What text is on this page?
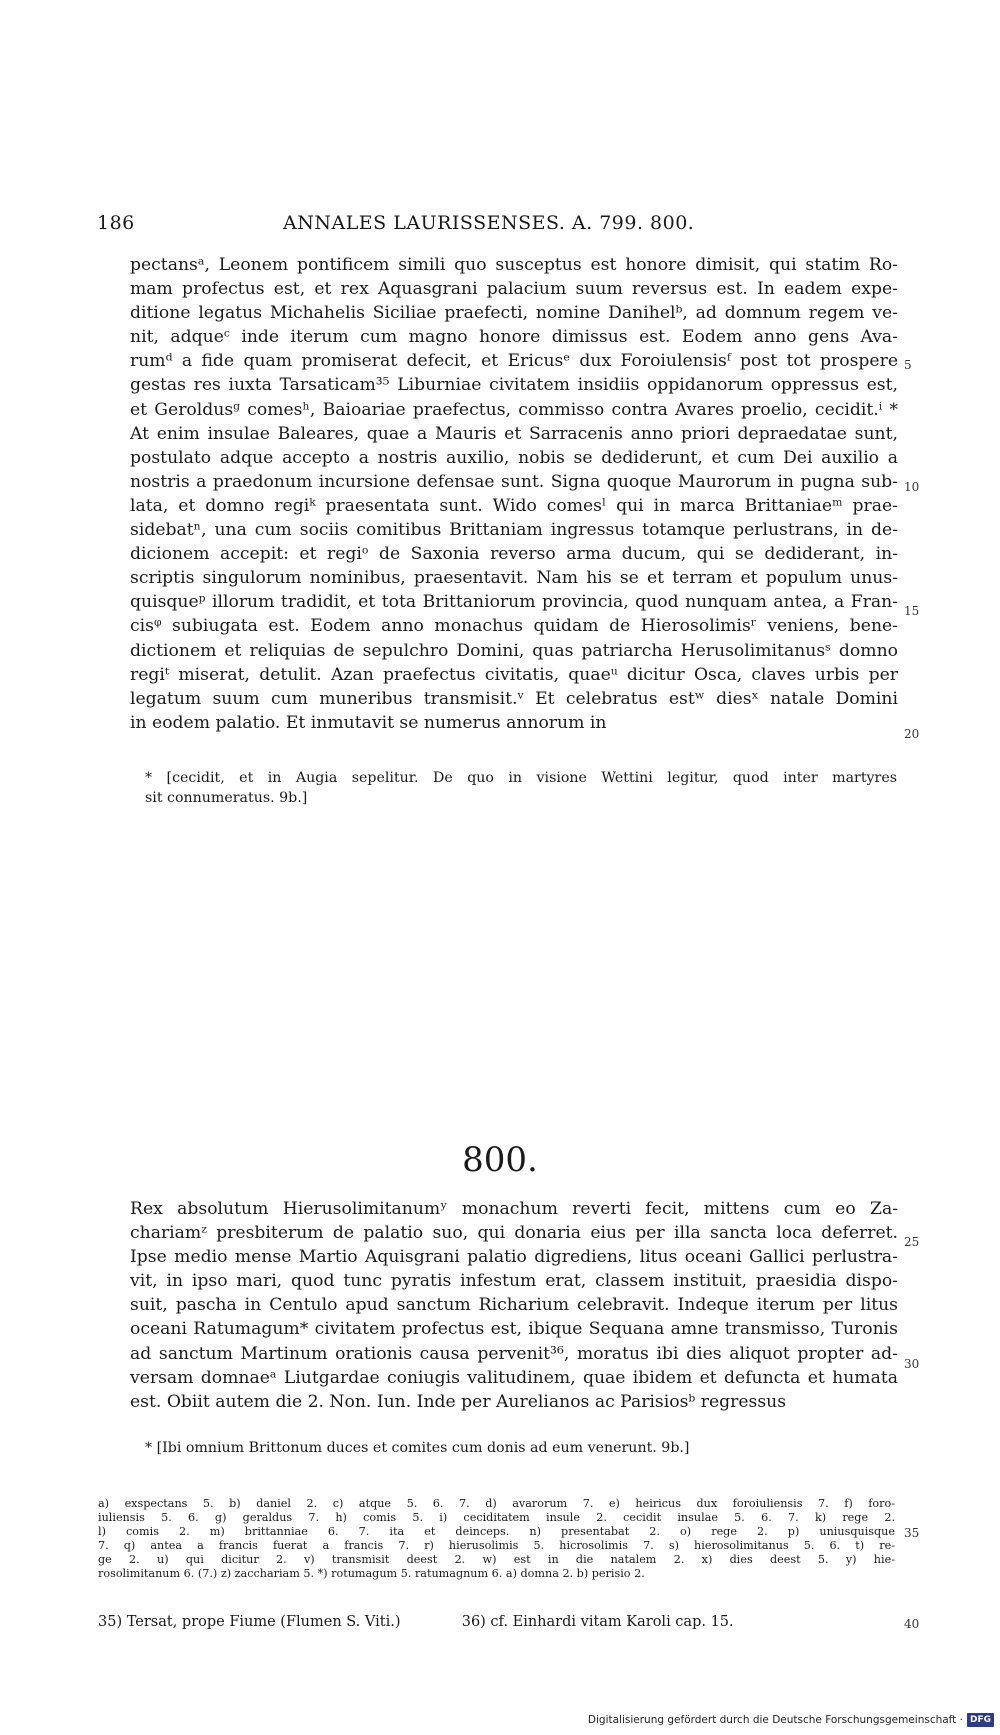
186	ANNALES LAURISSENSES. A. 799. 800.
pectansᵃ, Leonem pontificem simili quo susceptus est honore dimisit, qui statim Ro-
mam profectus est, et rex Aquasgrani palacium suum reversus est. In eadem expe-
ditione legatus Michahelis Siciliae praefecti, nomine Danihelᵇ, ad domnum regem ve-
nit, adqueᶜ inde iterum cum magno honore dimissus est. Eodem anno gens Ava-
rumᵈ a fide quam promiserat defecit, et Ericusᵉ dux Foroiulensisᶠ post tot prospere
gestas res iuxta Tarsaticam³⁵ Liburniae civitatem insidiis oppidanorum oppressus est,
et Geroldusᵍ comesʰ, Baioariae praefectus, commisso contra Avares proelio, cecidit.ⁱ *
At enim insulae Baleares, quae a Mauris et Sarracenis anno priori depraedatae sunt,
postulato adque accepto a nostris auxilio, nobis se dediderunt, et cum Dei auxilio a
nostris a praedonum incursione defensae sunt. Signa quoque Maurorum in pugna sub-
lata, et domno regiᵏ praesentata sunt. Wido comesˡ qui in marca Brittaniaeᵐ prae-
sidebatⁿ, una cum sociis comitibus Brittaniam ingressus totamque perlustrans, in de-
dicionem accepit: et regiᵒ de Saxonia reverso arma ducum, qui se dediderant, in-
scriptis singulorum nominibus, praesentavit. Nam his se et terram et populum unus-
quisqueᵖ illorum tradidit, et tota Brittaniorum provincia, quod nunquam antea, a Fran-
cisᵠ subiugata est. Eodem anno monachus quidam de Hierosolimisʳ veniens, bene-
dictionem et reliquias de sepulchro Domini, quas patriarcha Herusolimitanusˢ domno
regiᵗ miserat, detulit. Azan praefectus civitatis, quaeᵘ dicitur Osca, claves urbis per
legatum suum cum muneribus transmisit.ᵛ Et celebratus estʷ diesˣ natale Domini
in eodem palatio. Et inmutavit se numerus annorum in
5
10
15
20
* [cecidit, et in Augia sepelitur. De quo in visione Wettini legitur, quod inter martyres
sit connumeratus. 9b.]
800.
Rex absolutum Hierusolimitanumʸ monachum reverti fecit, mittens cum eo Za-
chariamᶻ presbiterum de palatio suo, qui donaria eius per illa sancta loca deferret.
Ipse medio mense Martio Aquisgrani palatio digrediens, litus oceani Gallici perlustra-
vit, in ipso mari, quod tunc pyratis infestum erat, classem instituit, praesidia dispo-
suit, pascha in Centulo apud sanctum Richarium celebravit. Indeque iterum per litus
oceani Ratumagum* civitatem profectus est, ibique Sequana amne transmisso, Turonis
ad sanctum Martinum orationis causa pervenit³⁶, moratus ibi dies aliquot propter ad-
versam domnaeᵃ Liutgardae coniugis valitudinem, quae ibidem et defuncta et humata
est. Obiit autem die 2. Non. Iun. Inde per Aurelianos ac Parisiosᵇ regressus
25
30
* [Ibi omnium Brittonum duces et comites cum donis ad eum venerunt. 9b.]
a) exspectans 5. b) daniel 2. c) atque 5. 6. 7. d) avarorum 7. e) heiricus dux foroiuliensis 7. f) foro-
iuliensis 5. 6. g) geraldus 7. h) comis 5. i) ceciditatem insule 2. cecidit insulae 5. 6. 7. k) rege 2.
l) comis 2. m) brittanniae 6. 7. ita et deinceps. n) presentabat 2. o) rege 2. p) uniusquisque
7. q) antea a francis fuerat a francis 7. r) hierusolimis 5. hicrosolimis 7. s) hierosolimitanus 5. 6. t) re-
ge 2. u) qui dicitur 2. v) transmisit deest 2. w) est in die natalem 2. x) dies deest 5. y) hie-
rosolimitanum 6. (7.) z) zacchariam 5. *) rotumagum 5. ratumagnum 6. a) domna 2. b) perisio 2.
35
35) Tersat, prope Fiume (Flumen S. Viti.)	36) cf. Einhardi vitam Karoli cap. 15.	40
Digitalisierung gefördert durch die Deutsche Forschungsgemeinschaft · DFG
